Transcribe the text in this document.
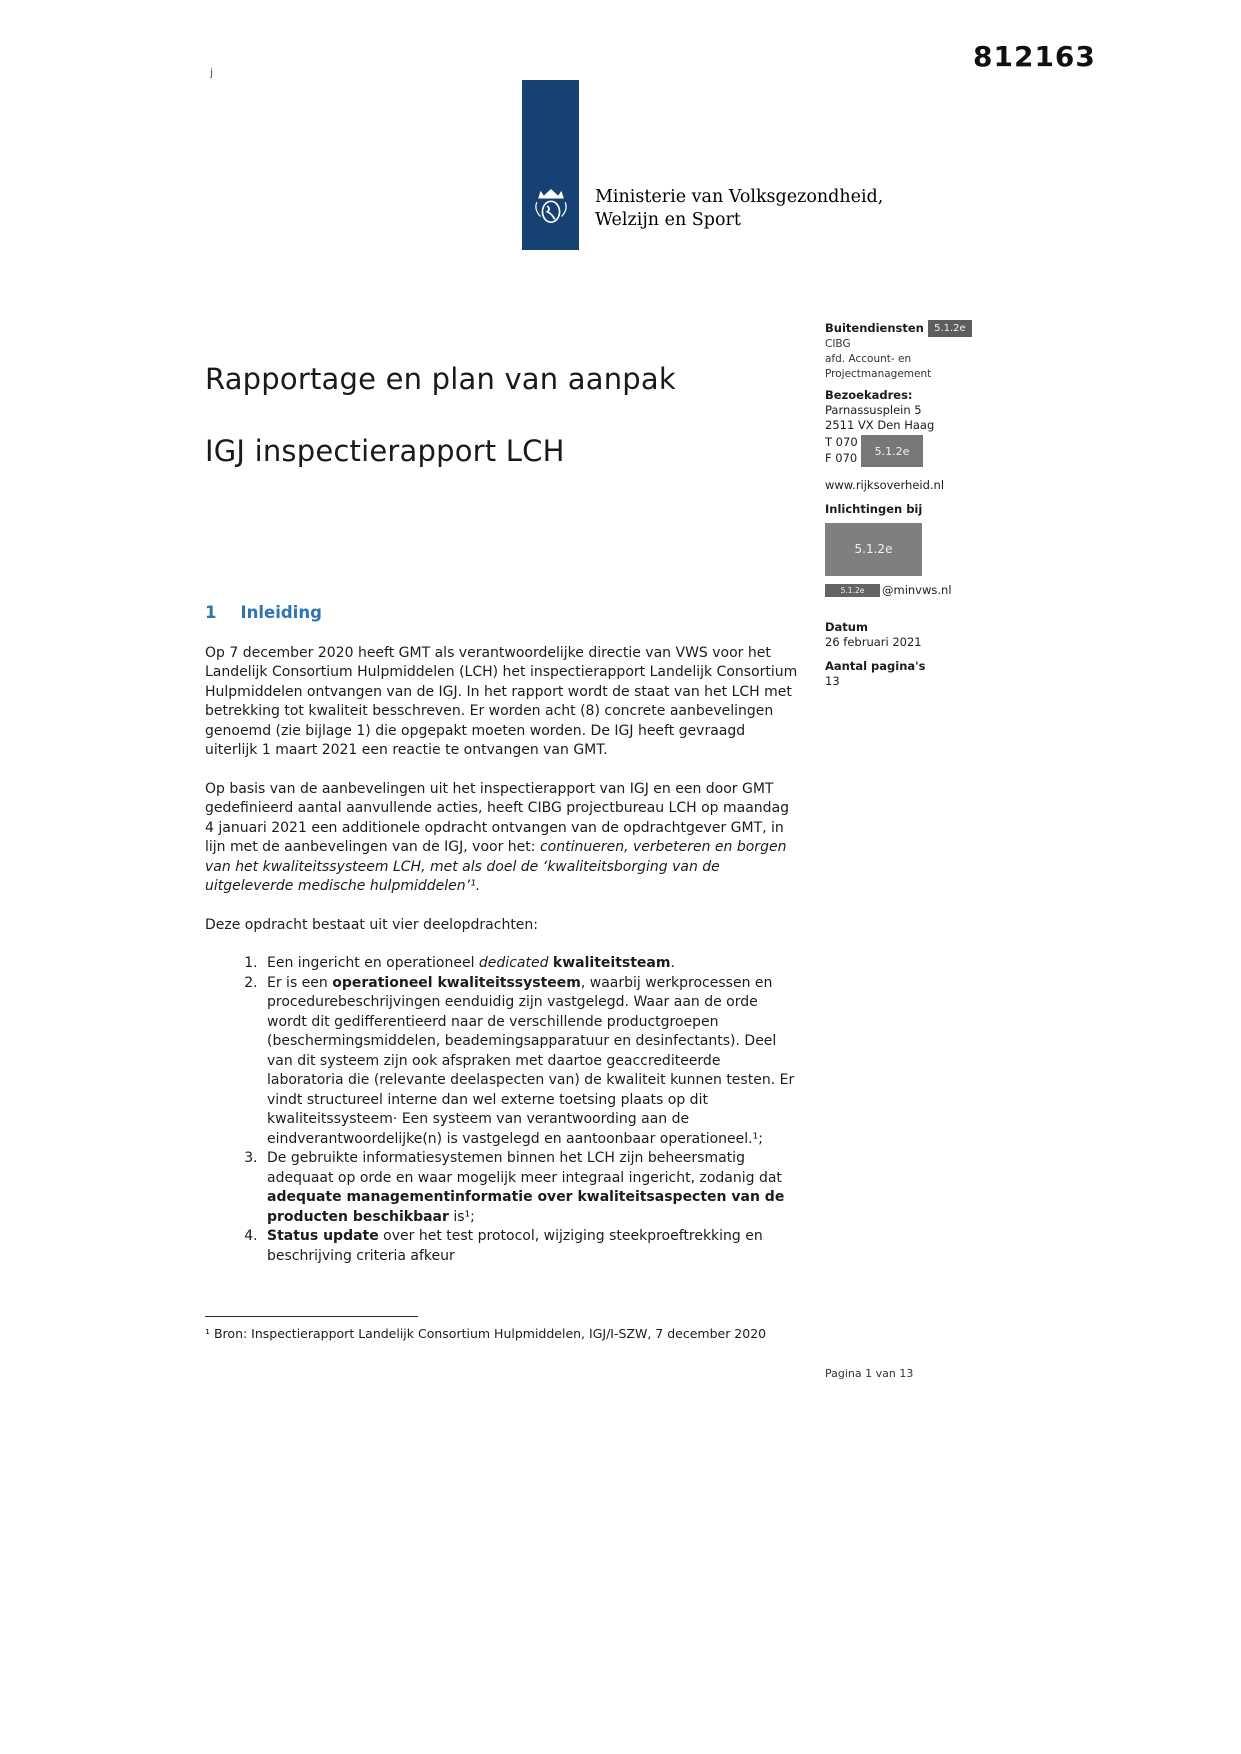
812163
j
Ministerie van Volksgezondheid,
Welzijn en Sport
Buitendiensten	5.1.2e
CIBG
afd. Account- en
Projectmanagement
Bezoekadres:
Parnassusplein 5
2511 VX Den Haag
T 070
F 070	5.1.2e
www.rijksoverheid.nl
Inlichtingen bij
5.1.2e
5.1.2e	@minvws.nl
Datum
26 februari 2021
Aantal pagina's
13
Rapportage en plan van aanpak
IGJ inspectierapport LCH
1 Inleiding

Op 7 december 2020 heeft GMT als verantwoordelijke directie van VWS voor het Landelijk Consortium Hulpmiddelen (LCH) het inspectierapport Landelijk Consortium Hulpmiddelen ontvangen van de IGJ. In het rapport wordt de staat van het LCH met betrekking tot kwaliteit besschreven. Er worden acht (8) concrete aanbevelingen genoemd (zie bijlage 1) die opgepakt moeten worden. De IGJ heeft gevraagd uiterlijk 1 maart 2021 een reactie te ontvangen van GMT.

Op basis van de aanbevelingen uit het inspectierapport van IGJ en een door GMT gedefinieerd aantal aanvullende acties, heeft CIBG projectbureau LCH op maandag 4 januari 2021 een additionele opdracht ontvangen van de opdrachtgever GMT, in lijn met de aanbevelingen van de IGJ, voor het: continueren, verbeteren en borgen van het kwaliteitssysteem LCH, met als doel de ‘kwaliteitsborging van de uitgeleverde medische hulpmiddelen’¹.

Deze opdracht bestaat uit vier deelopdrachten:
1. Een ingericht en operationeel dedicated kwaliteitsteam.
2. Er is een operationeel kwaliteitssysteem, waarbij werkprocessen en procedurebeschrijvingen eenduidig zijn vastgelegd. Waar aan de orde wordt dit gedifferentieerd naar de verschillende productgroepen (beschermingsmiddelen, beademingsapparatuur en desinfectants). Deel van dit systeem zijn ook afspraken met daartoe geaccrediteerde laboratoria die (relevante deelaspecten van) de kwaliteit kunnen testen. Er vindt structureel interne dan wel externe toetsing plaats op dit kwaliteitssysteem· Een systeem van verantwoording aan de eindverantwoordelijke(n) is vastgelegd en aantoonbaar operationeel.¹;
3. De gebruikte informatiesystemen binnen het LCH zijn beheersmatig adequaat op orde en waar mogelijk meer integraal ingericht, zodanig dat adequate managementinformatie over kwaliteitsaspecten van de producten beschikbaar is¹;
4. Status update over het test protocol, wijziging steekproeftrekking en beschrijving criteria afkeur
¹ Bron: Inspectierapport Landelijk Consortium Hulpmiddelen, IGJ/I-SZW, 7 december 2020
Pagina 1 van 13
